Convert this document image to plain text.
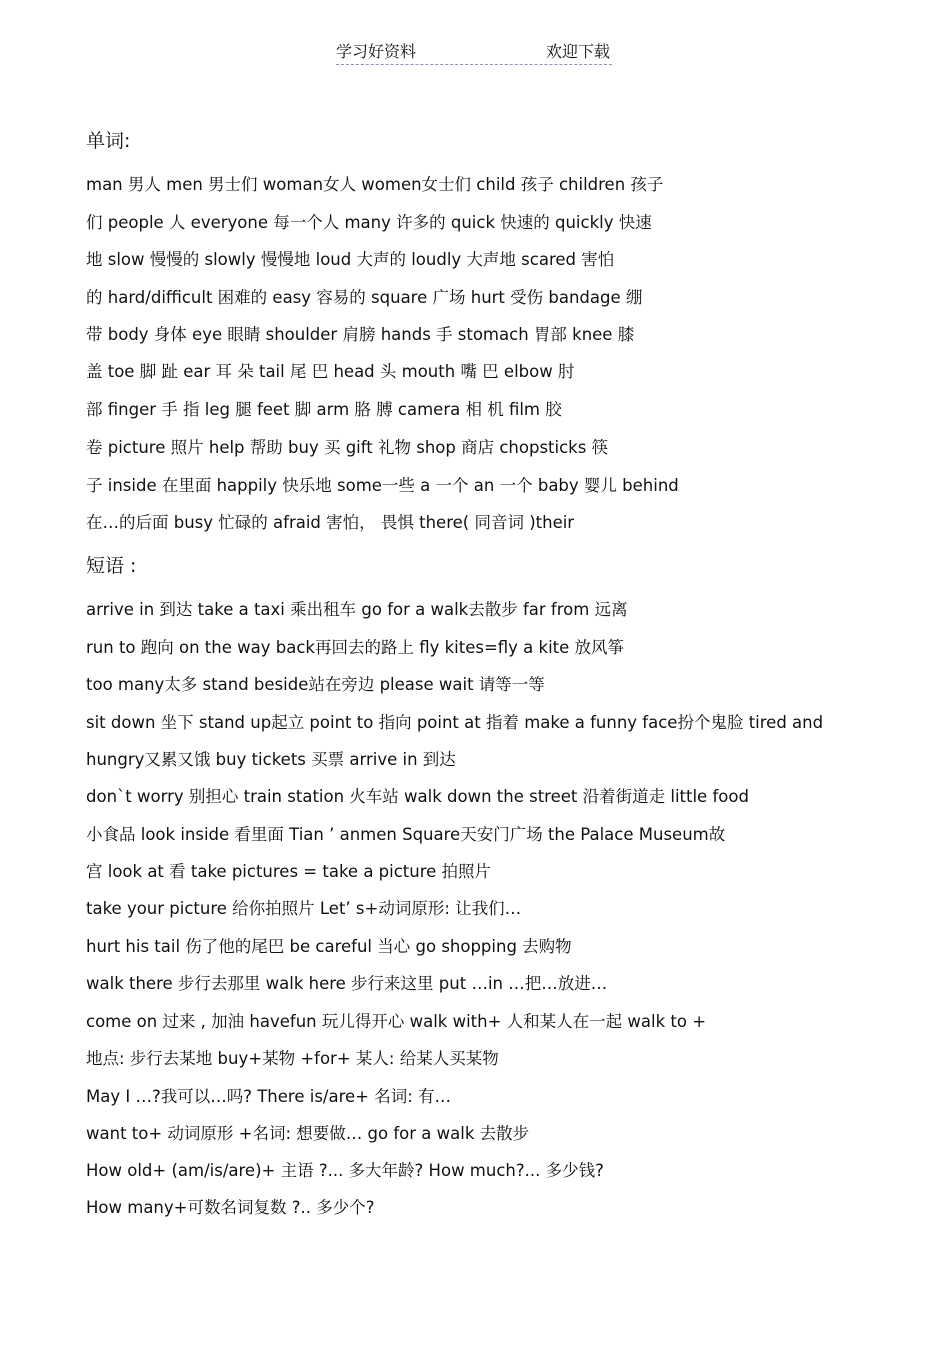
学习好资料	欢迎下载
单词:
man 男人 men 男士们 woman女人 women女士们 child 孩子 children 孩子
们 people 人 everyone 每一个人 many 许多的 quick 快速的 quickly 快速
地 slow 慢慢的 slowly 慢慢地 loud 大声的 loudly 大声地 scared 害怕
的 hard/difficult 困难的 easy 容易的 square 广场 hurt 受伤 bandage 绷
带 body 身体 eye 眼睛 shoulder 肩膀 hands 手 stomach 胃部 knee 膝
盖 toe 脚 趾 ear 耳 朵 tail 尾 巴 head 头 mouth 嘴 巴 elbow 肘
部 finger 手 指 leg 腿 feet 脚 arm 胳 膊 camera 相 机 film 胶
卷 picture 照片 help 帮助 buy 买 gift 礼物 shop 商店 chopsticks 筷
子 inside 在里面 happily 快乐地 some一些 a 一个 an 一个 baby 婴儿 behind
在…的后面 busy 忙碌的 afraid 害怕， 畏惧 there( 同音词 )their
短语 :
arrive in 到达 take a taxi 乘出租车 go for a walk去散步 far from 远离
run to 跑向 on the way back再回去的路上 fly kites=fly a kite 放风筝
too many太多 stand beside站在旁边 please wait 请等一等
sit down 坐下 stand up起立 point to 指向 point at 指着 make a funny face扮个鬼脸 tired and
hungry又累又饿 buy tickets 买票 arrive in 到达
don`t worry 别担心 train station 火车站 walk down the street 沿着街道走 little food
小食品 look inside 看里面 Tian ’ anmen Square天安门广场 the Palace Museum故
宫 look at 看 take pictures = take a picture 拍照片
take your picture 给你拍照片 Let’ s+动词原形: 让我们…
hurt his tail 伤了他的尾巴 be careful 当心 go shopping 去购物
walk there 步行去那里 walk here 步行来这里 put …in …把…放进…
come on 过来 , 加油 havefun 玩儿得开心 walk with+ 人和某人在一起 walk to +
地点: 步行去某地 buy+某物 +for+ 某人: 给某人买某物
May I …?我可以…吗? There is/are+ 名词: 有…
want to+ 动词原形 +名词: 想要做… go for a walk 去散步
How old+ (am/is/are)+ 主语 ?... 多大年龄? How much?... 多少钱?
How many+可数名词复数 ?.. 多少个?
